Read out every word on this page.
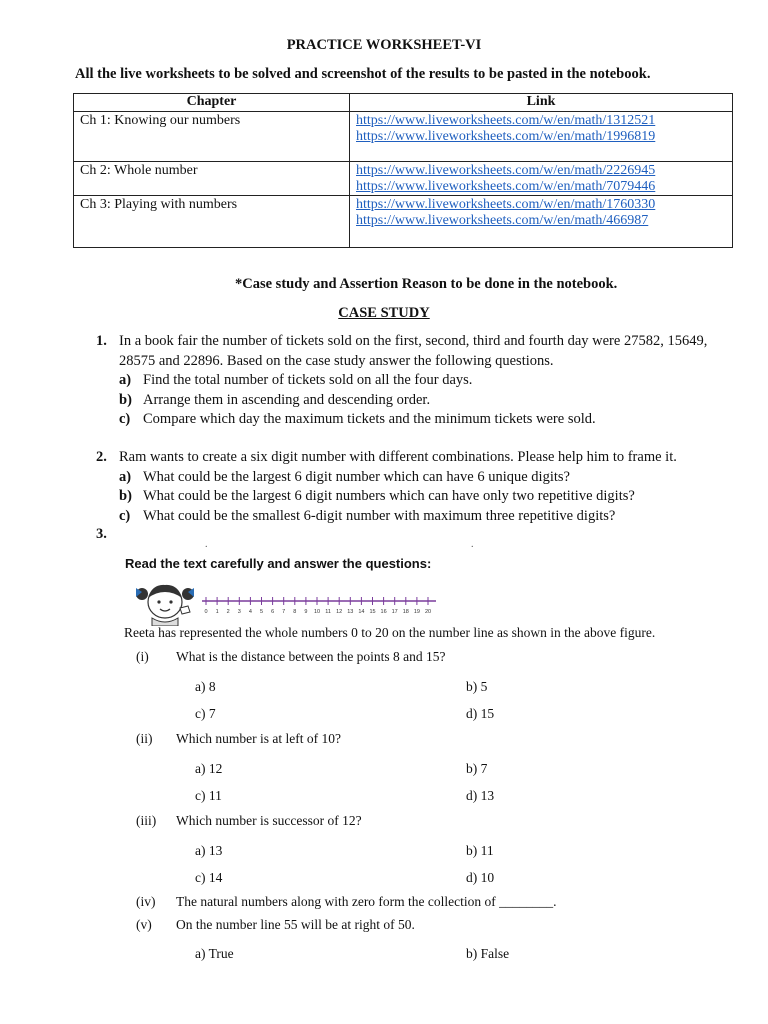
PRACTICE WORKSHEET-VI
All the live worksheets to be solved and screenshot of the results to be pasted in the notebook.
Chapter	Link
Ch 1: Knowing our numbers	https://www.liveworksheets.com/w/en/math/1312521
https://www.liveworksheets.com/w/en/math/1996819

Ch 2: Whole number	https://www.liveworksheets.com/w/en/math/2226945
https://www.liveworksheets.com/w/en/math/7079446

Ch 3: Playing with numbers	https://www.liveworksheets.com/w/en/math/1760330
https://www.liveworksheets.com/w/en/math/466987
*Case study and Assertion Reason to be done in the notebook.
CASE STUDY
1. In a book fair the number of tickets sold on the first, second, third and fourth day were 27582, 15649, 28575 and 22896. Based on the case study answer the following questions.
a) Find the total number of tickets sold on all the four days.
b) Arrange them in ascending and descending order.
c) Compare which day the maximum tickets and the minimum tickets were sold.
2. Ram wants to create a six digit number with different combinations. Please help him to frame it.
a) What could be the largest 6 digit number which can have 6 unique digits?
b) What could be the largest 6 digit numbers which can have only two repetitive digits?
c) What could be the smallest 6-digit number with maximum three repetitive digits?
3.
.	.
Read the text carefully and answer the questions:
0 1 2 3 4 5 6 7 8 9 10 11 12 13 14 15 16 17 18 19 20
Reeta has represented the whole numbers 0 to 20 on the number line as shown in the above figure.
(i) What is the distance between the points 8 and 15?
a) 8	b) 5
c) 7	d) 15
(ii) Which number is at left of 10?
a) 12	b) 7
c) 11	d) 13
(iii) Which number is successor of 12?
a) 13	b) 11
c) 14	d) 10
(iv) The natural numbers along with zero form the collection of ________.
(v) On the number line 55 will be at right of 50.
a) True	b) False
